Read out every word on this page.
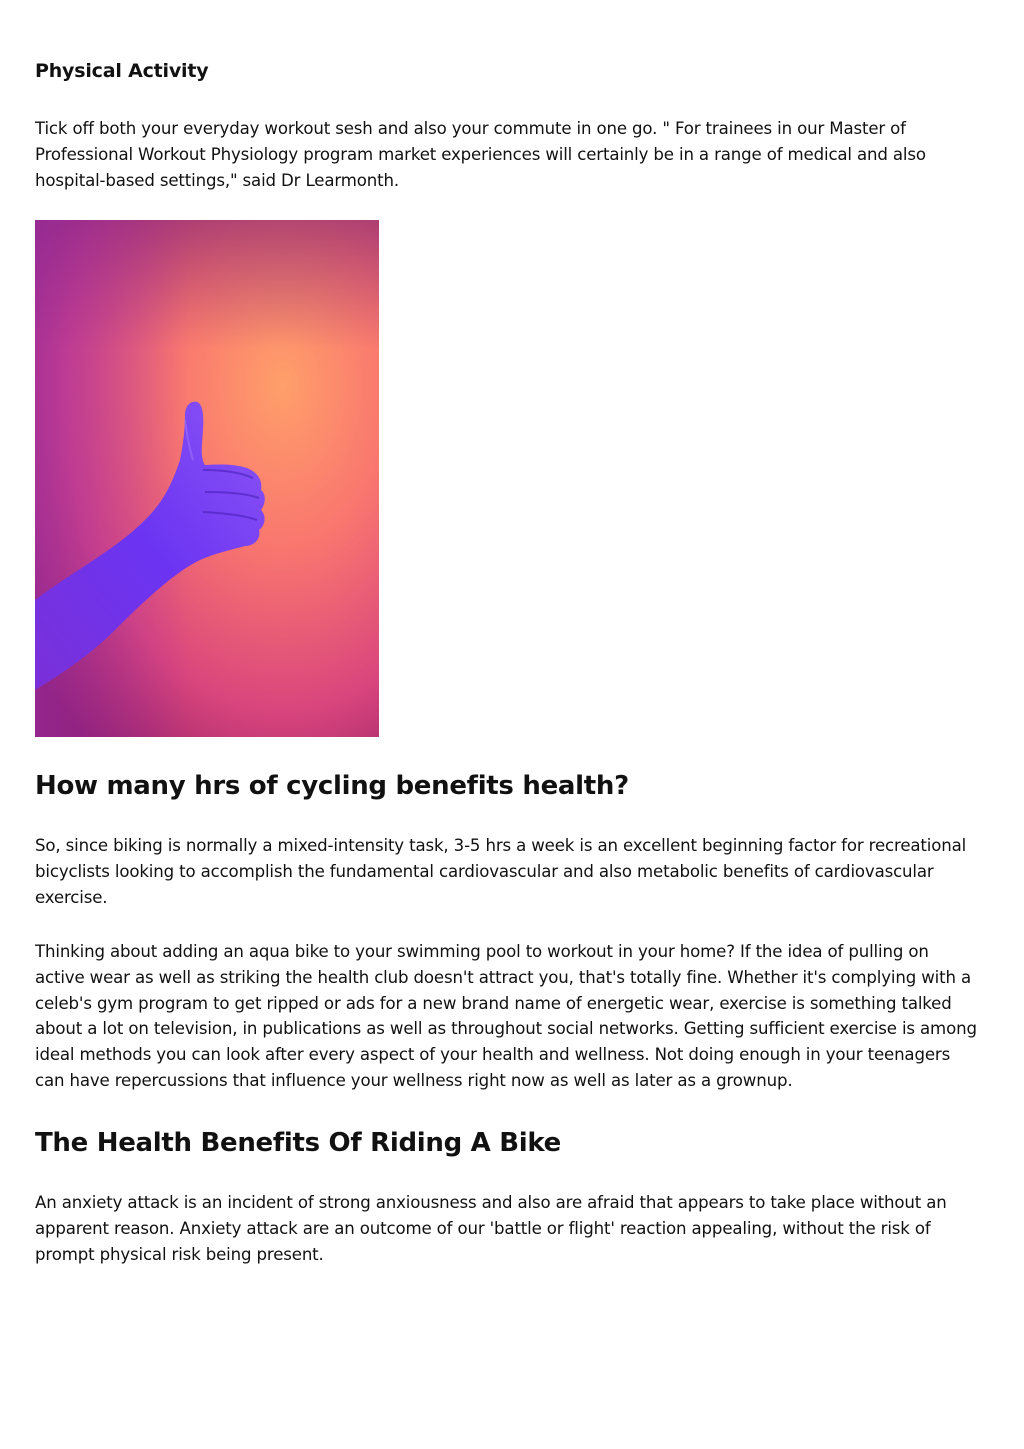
Physical Activity

Tick off both your everyday workout sesh and also your commute in one go. " For trainees in our Master of Professional Workout Physiology program market experiences will certainly be in a range of medical and also hospital-based settings," said Dr Learmonth.

How many hrs of cycling benefits health?

So, since biking is normally a mixed-intensity task, 3-5 hrs a week is an excellent beginning factor for recreational bicyclists looking to accomplish the fundamental cardiovascular and also metabolic benefits of cardiovascular exercise.

Thinking about adding an aqua bike to your swimming pool to workout in your home? If the idea of pulling on active wear as well as striking the health club doesn't attract you, that's totally fine. Whether it's complying with a celeb's gym program to get ripped or ads for a new brand name of energetic wear, exercise is something talked about a lot on television, in publications as well as throughout social networks. Getting sufficient exercise is among ideal methods you can look after every aspect of your health and wellness. Not doing enough in your teenagers can have repercussions that influence your wellness right now as well as later as a grownup.

The Health Benefits Of Riding A Bike

An anxiety attack is an incident of strong anxiousness and also are afraid that appears to take place without an apparent reason. Anxiety attack are an outcome of our 'battle or flight' reaction appealing, without the risk of prompt physical risk being present.
